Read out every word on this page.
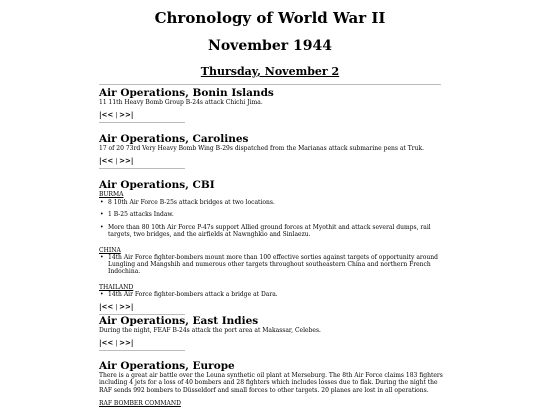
Chronology of World War II
November 1944
Thursday, November 2

Air Operations, Bonin Islands

11 11th Heavy Bomb Group B-24s attack Chichi Jima.

|<< | >>|

Air Operations, Carolines

17 of 20 73rd Very Heavy Bomb Wing B-29s dispatched from the Marianas attack submarine pens at Truk.

|<< | >>|

Air Operations, CBI

BURMA

• 8 10th Air Force B-25s attack bridges at two locations.

• 1 B-25 attacks Indaw.

• More than 80 10th Air Force P-47s support Allied ground forces at Myothit and attack several dumps, rail targets, two bridges, and the airfields at Nawnghkio and Sinlaezu.

CHINA

• 14th Air Force fighter-bombers mount more than 100 effective sorties against targets of opportunity around Lungling and Mangshih and numerous other targets throughout southeastern China and northern French Indochina.

THAILAND

• 14th Air Force fighter-bombers attack a bridge at Dara.

|<< | >>|

Air Operations, East Indies

During the night, FEAF B-24s attack the port area at Makassar, Celebes.

|<< | >>|

Air Operations, Europe

There is a great air battle over the Leuna synthetic oil plant at Merseburg. The 8th Air Force claims 183 fighters including 4 jets for a loss of 40 bombers and 28 fighters which includes losses due to flak. During the night the RAF sends 992 bombers to Düsseldorf and small forces to other targets. 20 planes are lost in all operations.

RAF BOMBER COMMAND
